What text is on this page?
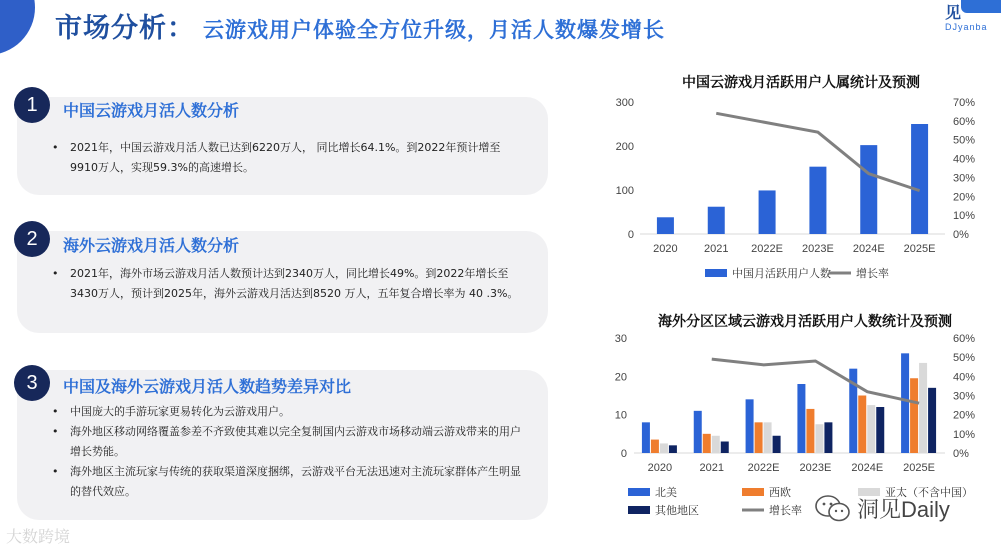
市场分析： 云游戏用户体验全方位升级，月活人数爆发增长
见
DJyanba
1
2
3
中国云游戏月活人数分析
海外云游戏月活人数分析
中国及海外云游戏月活人数趋势差异对比
• 2021年，中国云游戏月活人数已达到6220万人， 同比增长64.1%。到2022年预计增至9910万人，实现59.3%的高速增长。
• 2021年，海外市场云游戏月活人数预计达到2340万人，同比增长49%。到2022年增长至3430万人，预计到2025年，海外云游戏月活达到8520 万人，五年复合增长率为 40 .3%。
• 中国庞大的手游玩家更易转化为云游戏用户。
• 海外地区移动网络覆盖参差不齐致使其难以完全复制国内云游戏市场移动端云游戏带来的用户增长势能。
• 海外地区主流玩家与传统的获取渠道深度捆绑，云游戏平台无法迅速对主流玩家群体产生明显的替代效应。
中国云游戏月活跃用户人属统计及预测
海外分区区域云游戏月活跃用户人数统计及预测
0
100
200
300
0%
10%
20%
30%
40%
50%
60%
70%
2020 2021 2022E 2023E 2024E 2025E
中国月活跃用户人数 增长率
0
10
20
30
0%
10%
20%
30%
40%
50%
60%
2020 2021 2022E 2023E 2024E 2025E
北美	西欧	亚太（不含中国）
其他地区	增长率
大数跨境
洞见Daily
